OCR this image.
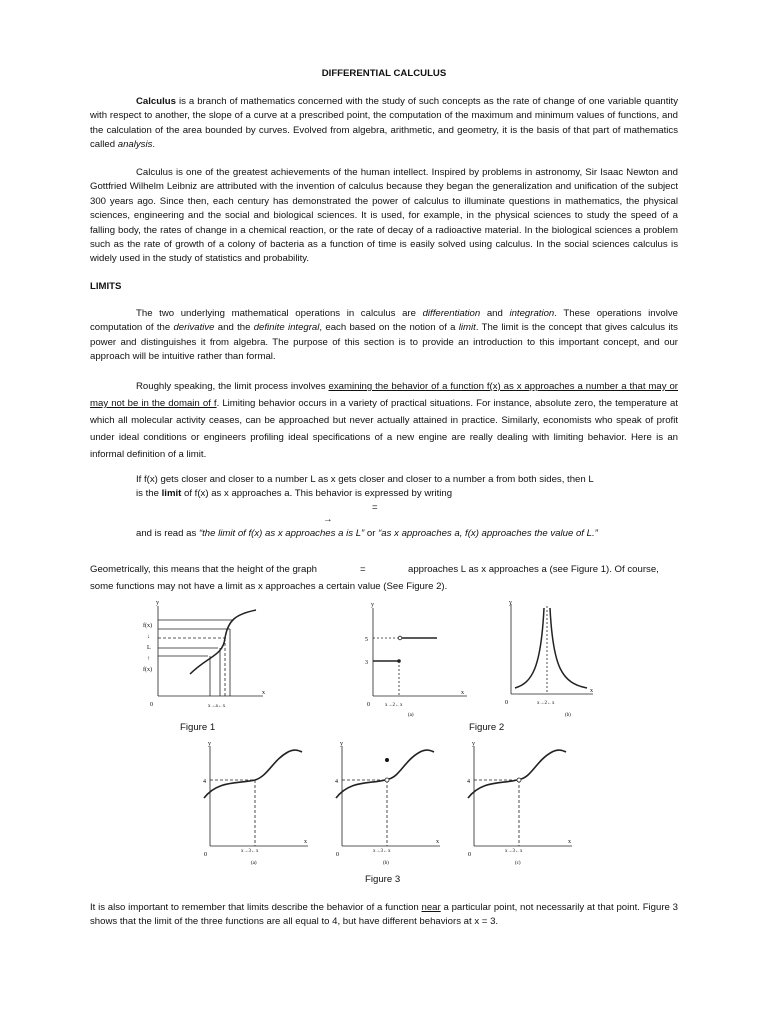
DIFFERENTIAL CALCULUS
Calculus is a branch of mathematics concerned with the study of such concepts as the rate of change of one variable quantity with respect to another, the slope of a curve at a prescribed point, the computation of the maximum and minimum values of functions, and the calculation of the area bounded by curves. Evolved from algebra, arithmetic, and geometry, it is the basis of that part of mathematics called analysis.
Calculus is one of the greatest achievements of the human intellect. Inspired by problems in astronomy, Sir Isaac Newton and Gottfried Wilhelm Leibniz are attributed with the invention of calculus because they began the generalization and unification of the subject 300 years ago. Since then, each century has demonstrated the power of calculus to illuminate questions in mathematics, the physical sciences, engineering and the social and biological sciences. It is used, for example, in the physical sciences to study the speed of a falling body, the rates of change in a chemical reaction, or the rate of decay of a radioactive material. In the biological sciences a problem such as the rate of growth of a colony of bacteria as a function of time is easily solved using calculus. In the social sciences calculus is widely used in the study of statistics and probability.
LIMITS
The two underlying mathematical operations in calculus are differentiation and integration. These operations involve computation of the derivative and the definite integral, each based on the notion of a limit. The limit is the concept that gives calculus its power and distinguishes it from algebra. The purpose of this section is to provide an introduction to this important concept, and our approach will be intuitive rather than formal.
Roughly speaking, the limit process involves examining the behavior of a function f(x) as x approaches a number a that may or may not be in the domain of f. Limiting behavior occurs in a variety of practical situations. For instance, absolute zero, the temperature at which all molecular activity ceases, can be approached but never actually attained in practice. Similarly, economists who speak of profit under ideal conditions or engineers profiling ideal specifications of a new engine are really dealing with limiting behavior. Here is an informal definition of a limit.
If f(x) gets closer and closer to a number L as x gets closer and closer to a number a from both sides, then L
is the limit of f(x) as x approaches a. This behavior is expressed by writing
=
→
and is read as “the limit of f(x) as x approaches a is L” or “as x approaches a, f(x) approaches the value of L.”
Geometrically, this means that the height of the graph	=	approaches L as x approaches a (see Figure 1). Of course,
some functions may not have a limit as x approaches a certain value (See Figure 2).
y
x
0
f(x)
↓
L
↑
f(x)
x→a←x
Figure 1
y
x
0
5
3
x→2←x
(a)
y
x
0	x→2←x
(b)
Figure 2
y
x
0
4
x→3←x
(a)
y
x
0
4
x→3←x
(b)
y
x
0
4
x→3←x
(c)
Figure 3
It is also important to remember that limits describe the behavior of a function near a particular point, not necessarily at that point. Figure 3 shows that the limit of the three functions are all equal to 4, but have different behaviors at x = 3.
